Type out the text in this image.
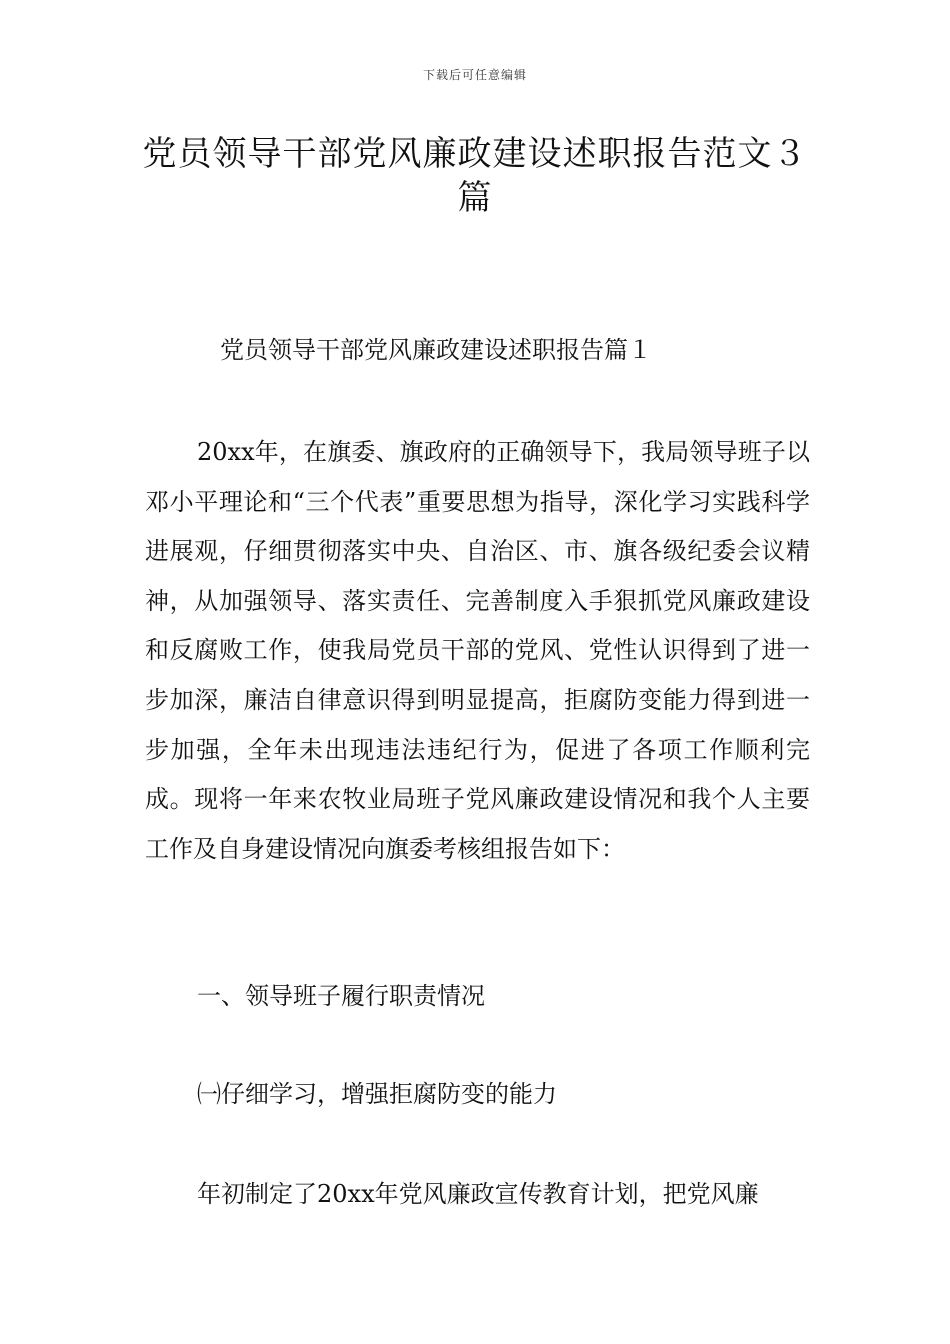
下载后可任意编辑
党员领导干部党风廉政建设述职报告范文３篇
党员领导干部党风廉政建设述职报告篇１

20xx年，在旗委、旗政府的正确领导下，我局领导班子以邓小平理论和“三个代表”重要思想为指导，深化学习实践科学进展观，仔细贯彻落实中央、自治区、市、旗各级纪委会议精神，从加强领导、落实责任、完善制度入手狠抓党风廉政建设和反腐败工作，使我局党员干部的党风、党性认识得到了进一步加深，廉洁自律意识得到明显提高，拒腐防变能力得到进一步加强，全年未出现违法违纪行为，促进了各项工作顺利完成。现将一年来农牧业局班子党风廉政建设情况和我个人主要工作及自身建设情况向旗委考核组报告如下：

一、领导班子履行职责情况
㈠仔细学习，增强拒腐防变的能力

年初制定了20xx年党风廉政宣传教育计划，把党风廉
